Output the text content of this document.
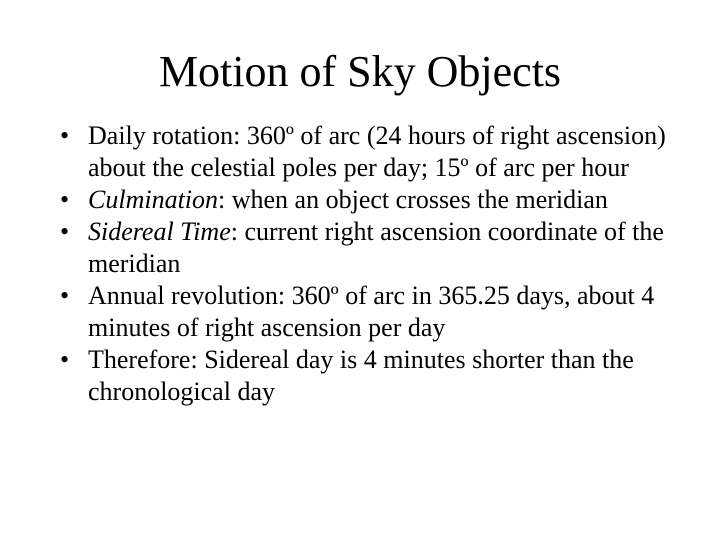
Motion of Sky Objects
• Daily rotation: 360º of arc (24 hours of right ascension) about the celestial poles per day; 15º of arc per hour
• Culmination: when an object crosses the meridian
• Sidereal Time: current right ascension coordinate of the meridian
• Annual revolution: 360º of arc in 365.25 days, about 4 minutes of right ascension per day
• Therefore: Sidereal day is 4 minutes shorter than the chronological day
